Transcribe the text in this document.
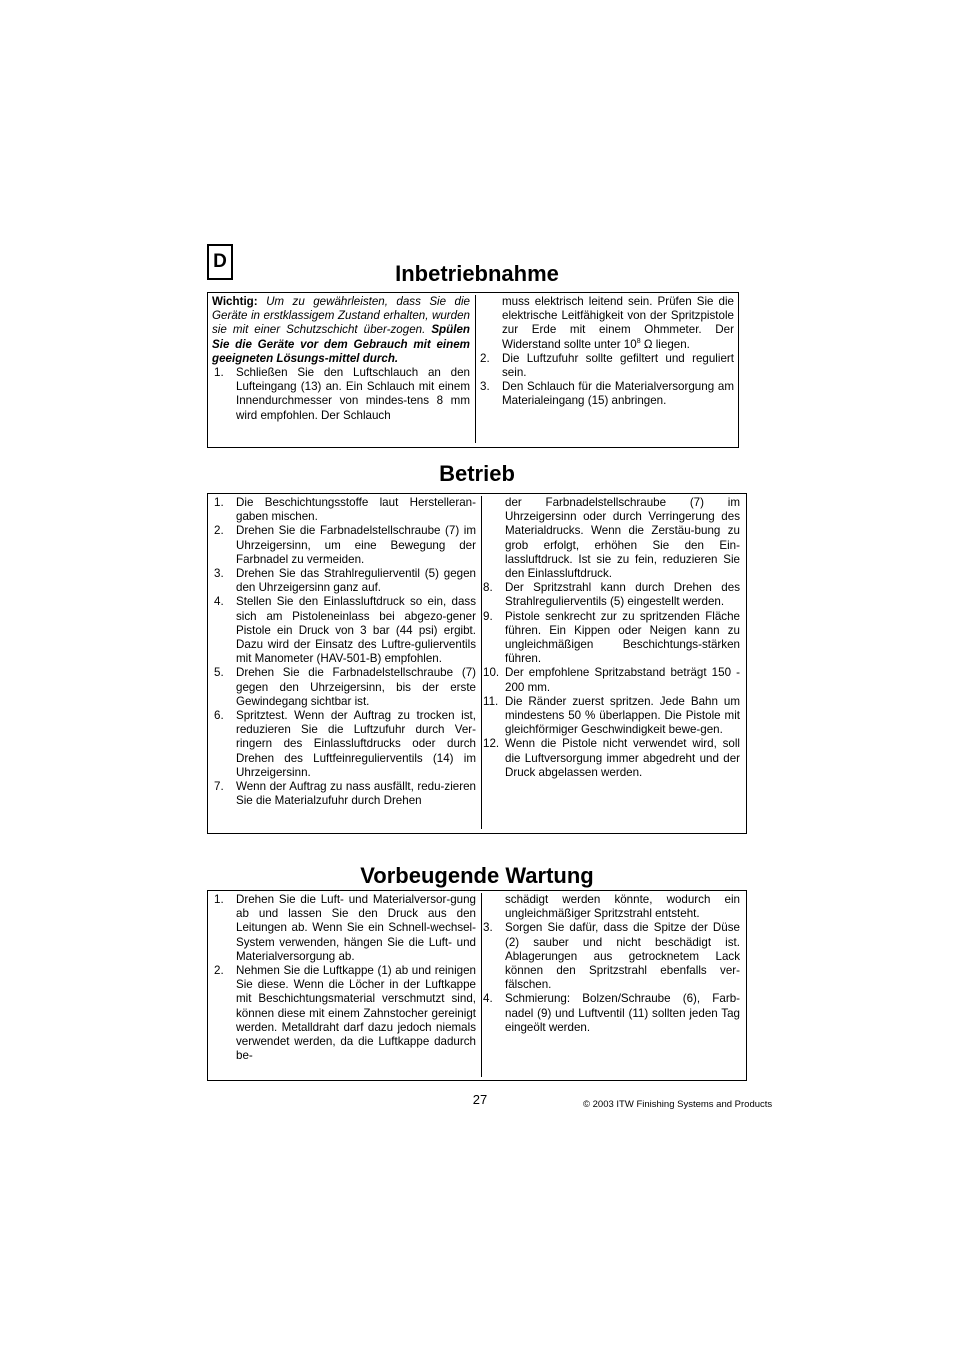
D	Inbetriebnahme

Wichtig: Um zu gewährleisten, dass Sie die Geräte in erstklassigem Zustand erhalten, wurden sie mit einer Schutzschicht über-zogen. Spülen Sie die Geräte vor dem Gebrauch mit einem geeigneten Lösungs-mittel durch.

1. Schließen Sie den Luftschlauch an den Lufteingang (13) an. Ein Schlauch mit einem Innendurchmesser von mindes-tens 8 mm wird empfohlen. Der Schlauch

muss elektrisch leitend sein. Prüfen Sie die elektrische Leitfähigkeit von der Spritzpistole zur Erde mit einem Ohmmeter. Der Widerstand sollte unter $10^8$ Ω liegen.

2. Die Luftzufuhr sollte gefiltert und reguliert sein.
3. Den Schlauch für die Materialversorgung am Materialeingang (15) anbringen.
Betrieb
1. Die Beschichtungsstoffe laut Herstelleran-gaben mischen.
2. Drehen Sie die Farbnadelstellschraube (7) im Uhrzeigersinn, um eine Bewegung der Farbnadel zu vermeiden.
3. Drehen Sie das Strahlregulierventil (5) gegen den Uhrzeigersinn ganz auf.
4. Stellen Sie den Einlassluftdruck so ein, dass sich am Pistoleneinlass bei abgezo-gener Pistole ein Druck von 3 bar (44 psi) ergibt. Dazu wird der Einsatz des Luftre-gulierventils mit Manometer (HAV-501-B) empfohlen.
5. Drehen Sie die Farbnadelstellschraube (7) gegen den Uhrzeigersinn, bis der erste Gewindegang sichtbar ist.
6. Spritztest. Wenn der Auftrag zu trocken ist, reduzieren Sie die Luftzufuhr durch Ver-ringern des Einlassluftdrucks oder durch Drehen des Luftfeinregulierventils (14) im Uhrzeigersinn.
7. Wenn der Auftrag zu nass ausfällt, redu-zieren Sie die Materialzufuhr durch Drehen

der Farbnadelstellschraube (7) im Uhrzeigersinn oder durch Verringerung des Materialdrucks. Wenn die Zerstäu-bung zu grob erfolgt, erhöhen Sie den Ein-lassluftdruck. Ist sie zu fein, reduzieren Sie den Einlassluftdruck.

8. Der Spritzstrahl kann durch Drehen des Strahlregulierventils (5) eingestellt werden.
9. Pistole senkrecht zur zu spritzenden Fläche führen. Ein Kippen oder Neigen kann zu ungleichmäßigen Beschichtungs-stärken führen.
10. Der empfohlene Spritzabstand beträgt 150 - 200 mm.
11. Die Ränder zuerst spritzen. Jede Bahn um mindestens 50 % überlappen. Die Pistole mit gleichförmiger Geschwindigkeit bewe-gen.
12. Wenn die Pistole nicht verwendet wird, soll die Luftversorgung immer abgedreht und der Druck abgelassen werden.
Vorbeugende Wartung
1. Drehen Sie die Luft- und Materialversor-gung ab und lassen Sie den Druck aus den Leitungen ab. Wenn Sie ein Schnell-wechsel-System verwenden, hängen Sie die Luft- und Materialversorgung ab.
2. Nehmen Sie die Luftkappe (1) ab und reinigen Sie diese. Wenn die Löcher in der Luftkappe mit Beschichtungsmaterial verschmutzt sind, können diese mit einem Zahnstocher gereinigt werden. Metalldraht darf dazu jedoch niemals verwendet werden, da die Luftkappe dadurch be-

schädigt werden könnte, wodurch ein ungleichmäßiger Spritzstrahl entsteht.

3. Sorgen Sie dafür, dass die Spitze der Düse (2) sauber und nicht beschädigt ist. Ablagerungen aus getrocknetem Lack können den Spritzstrahl ebenfalls ver-fälschen.
4. Schmierung: Bolzen/Schraube (6), Farb-nadel (9) und Luftventil (11) sollten jeden Tag eingeölt werden.
27	© 2003 ITW Finishing Systems and Products
